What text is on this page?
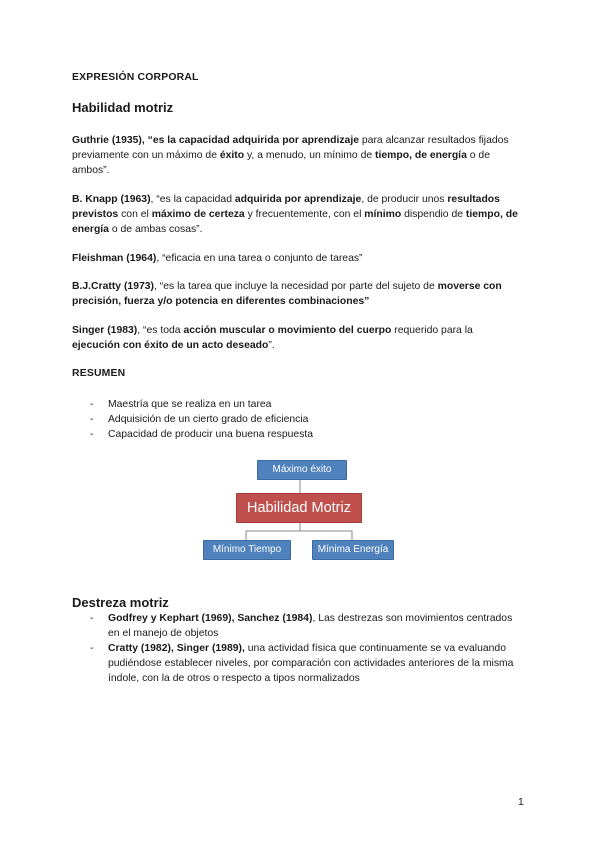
EXPRESIÓN CORPORAL
Habilidad motriz
Guthrie (1935), “es la capacidad adquirida por aprendizaje para alcanzar resultados fijados previamente con un máximo de éxito y, a menudo, un mínimo de tiempo, de energía o de ambos”.
B. Knapp (1963), “es la capacidad adquirida por aprendizaje, de producir unos resultados previstos con el máximo de certeza y frecuentemente, con el mínimo dispendio de tiempo, de energía o de ambas cosas”.
Fleishman (1964), “eficacia en una tarea o conjunto de tareas”
B.J.Cratty (1973), “es la tarea que incluye la necesidad por parte del sujeto de moverse con precisión, fuerza y/o potencia en diferentes combinaciones”
Singer (1983), “es toda acción muscular o movimiento del cuerpo requerido para la ejecución con éxito de un acto deseado”.
RESUMEN
- Maestría que se realiza en un tarea
- Adquisición de un cierto grado de eficiencia
- Capacidad de producir una buena respuesta
Máximo éxito
Habilidad Motriz
Mínimo Tiempo	Mínima Energía
Destreza motriz
- Godfrey y Kephart (1969), Sanchez (1984), Las destrezas son movimientos centrados en el manejo de objetos
- Cratty (1982), Singer (1989), una actividad física que continuamente se va evaluando pudiéndose establecer niveles, por comparación con actividades anteriores de la misma índole, con la de otros o respecto a tipos normalizados
1
